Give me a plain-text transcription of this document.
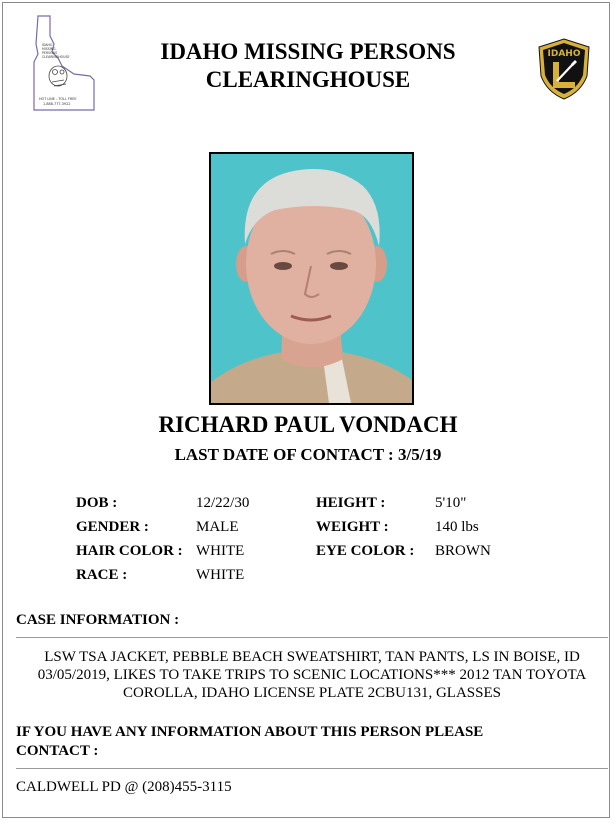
IDAHO
MISSING
PERSONS
CLEARINGHOUSE
HOT LINE - TOLL FREE
1-888-777-3922
IDAHO MISSING PERSONS
CLEARINGHOUSE
IDAHO
RICHARD PAUL VONDACH
LAST DATE OF CONTACT : 3/5/19
DOB :	12/22/30	HEIGHT :	5'10"
GENDER :	MALE	WEIGHT :	140 lbs
HAIR COLOR : WHITE	EYE COLOR : BROWN
RACE :	WHITE
CASE INFORMATION :
LSW TSA JACKET, PEBBLE BEACH SWEATSHIRT, TAN PANTS, LS IN BOISE, ID 03/05/2019, LIKES TO TAKE TRIPS TO SCENIC LOCATIONS*** 2012 TAN TOYOTA COROLLA, IDAHO LICENSE PLATE 2CBU131, GLASSES
IF YOU HAVE ANY INFORMATION ABOUT THIS PERSON PLEASE
CONTACT :
CALDWELL PD @ (208)455-3115
